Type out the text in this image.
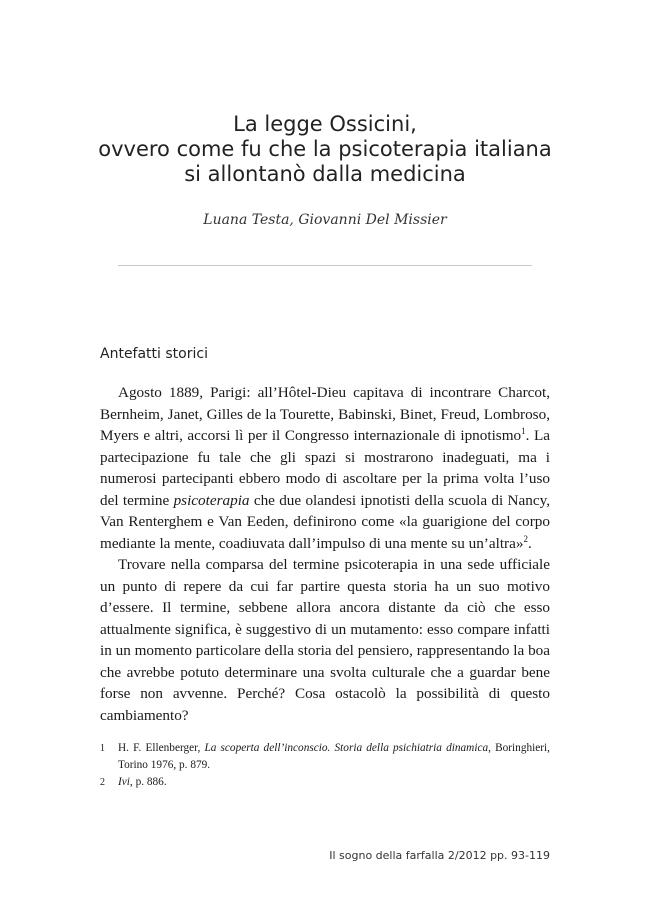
La legge Ossicini,
ovvero come fu che la psicoterapia italiana
si allontanò dalla medicina
Luana Testa, Giovanni Del Missier
Antefatti storici

Agosto 1889, Parigi: all’Hôtel-Dieu capitava di incontrare Charcot, Bernheim, Janet, Gilles de la Tourette, Babinski, Binet, Freud, Lombroso, Myers e altri, accorsi lì per il Congresso internazionale di ipnotismo$^1$. La partecipazione fu tale che gli spazi si mostrarono inadeguati, ma i numerosi partecipanti ebbero modo di ascoltare per la prima volta l’uso del termine psicoterapia che due olandesi ipnotisti della scuola di Nancy, Van Renterghem e Van Eeden, definirono come «la guarigione del corpo mediante la mente, coadiuvata dall’impulso di una mente su un’altra»$^2$.

Trovare nella comparsa del termine psicoterapia in una sede ufficiale un punto di repere da cui far partire questa storia ha un suo motivo d’essere. Il termine, sebbene allora ancora distante da ciò che esso attualmente significa, è suggestivo di un mutamento: esso compare infatti in un momento particolare della storia del pensiero, rappresentando la boa che avrebbe potuto determinare una svolta culturale che a guardar bene forse non avvenne. Perché? Cosa ostacolò la possibilità di questo cambiamento?

1	H. F. Ellenberger, La scoperta dell’inconscio. Storia della psichiatria dinamica, Boringhieri, Torino 1976, p. 879.
2	Ivi, p. 886.
Il sogno della farfalla 2/2012 pp. 93-119
